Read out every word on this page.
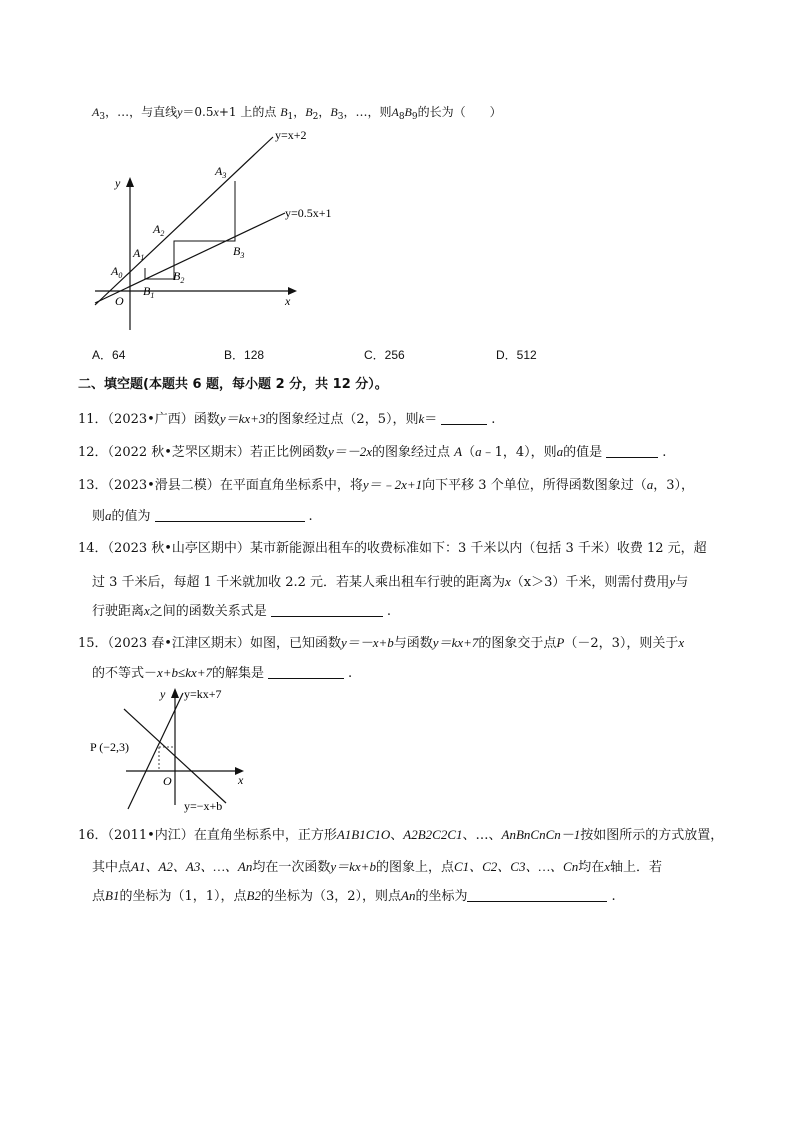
$A_3$，…，与直线y＝0.5x+1 上的点 $B_1$，$B_2$，$B_3$，…，则$A_8B_9$的长为（　　）
y=x+2
y=0.5x+1
x
y
O
$A_0$
$A_1$
$A_2$
$A_3$
$B_1$
$B_2$
$B_3$
A．64	B．128	C．256	D．512
二、填空题(本题共 6 题，每小题 2 分，共 12 分）。
11．（2023•广西）函数y＝kx+3的图象经过点（2，5），则k＝	.
12．（2022 秋•芝罘区期末）若正比例函数y＝－2x的图象经过点 A（a﹣1，4），则a的值是	.
13．（2023•滑县二模）在平面直角坐标系中，将y＝﹣2x+1向下平移 3 个单位，所得函数图象过（a，3），
则a的值为	.
14．（2023 秋•山亭区期中）某市新能源出租车的收费标准如下：3 千米以内（包括 3 千米）收费 12 元，超
过 3 千米后，每超 1 千米就加收 2.2 元．若某人乘出租车行驶的距离为x（x＞3）千米，则需付费用y与
行驶距离x之间的函数关系式是	.
15．（2023 春•江津区期末）如图，已知函数y＝－x+b与函数y＝kx+7的图象交于点P（－2，3），则关于x
的不等式－x+b≤kx+7的解集是	.
y=kx+7
y=−x+b
P (−2,3)
x
y
O
16．（2011•内江）在直角坐标系中，正方形A1B1C1O、A2B2C2C1、…、AnBnCnCn－1按如图所示的方式放置，
其中点A1、A2、A3、…、An均在一次函数y＝kx+b的图象上，点C1、C2、C3、…、Cn均在x轴上．若
点B1的坐标为（1，1），点B2的坐标为（3，2），则点An的坐标为	.
